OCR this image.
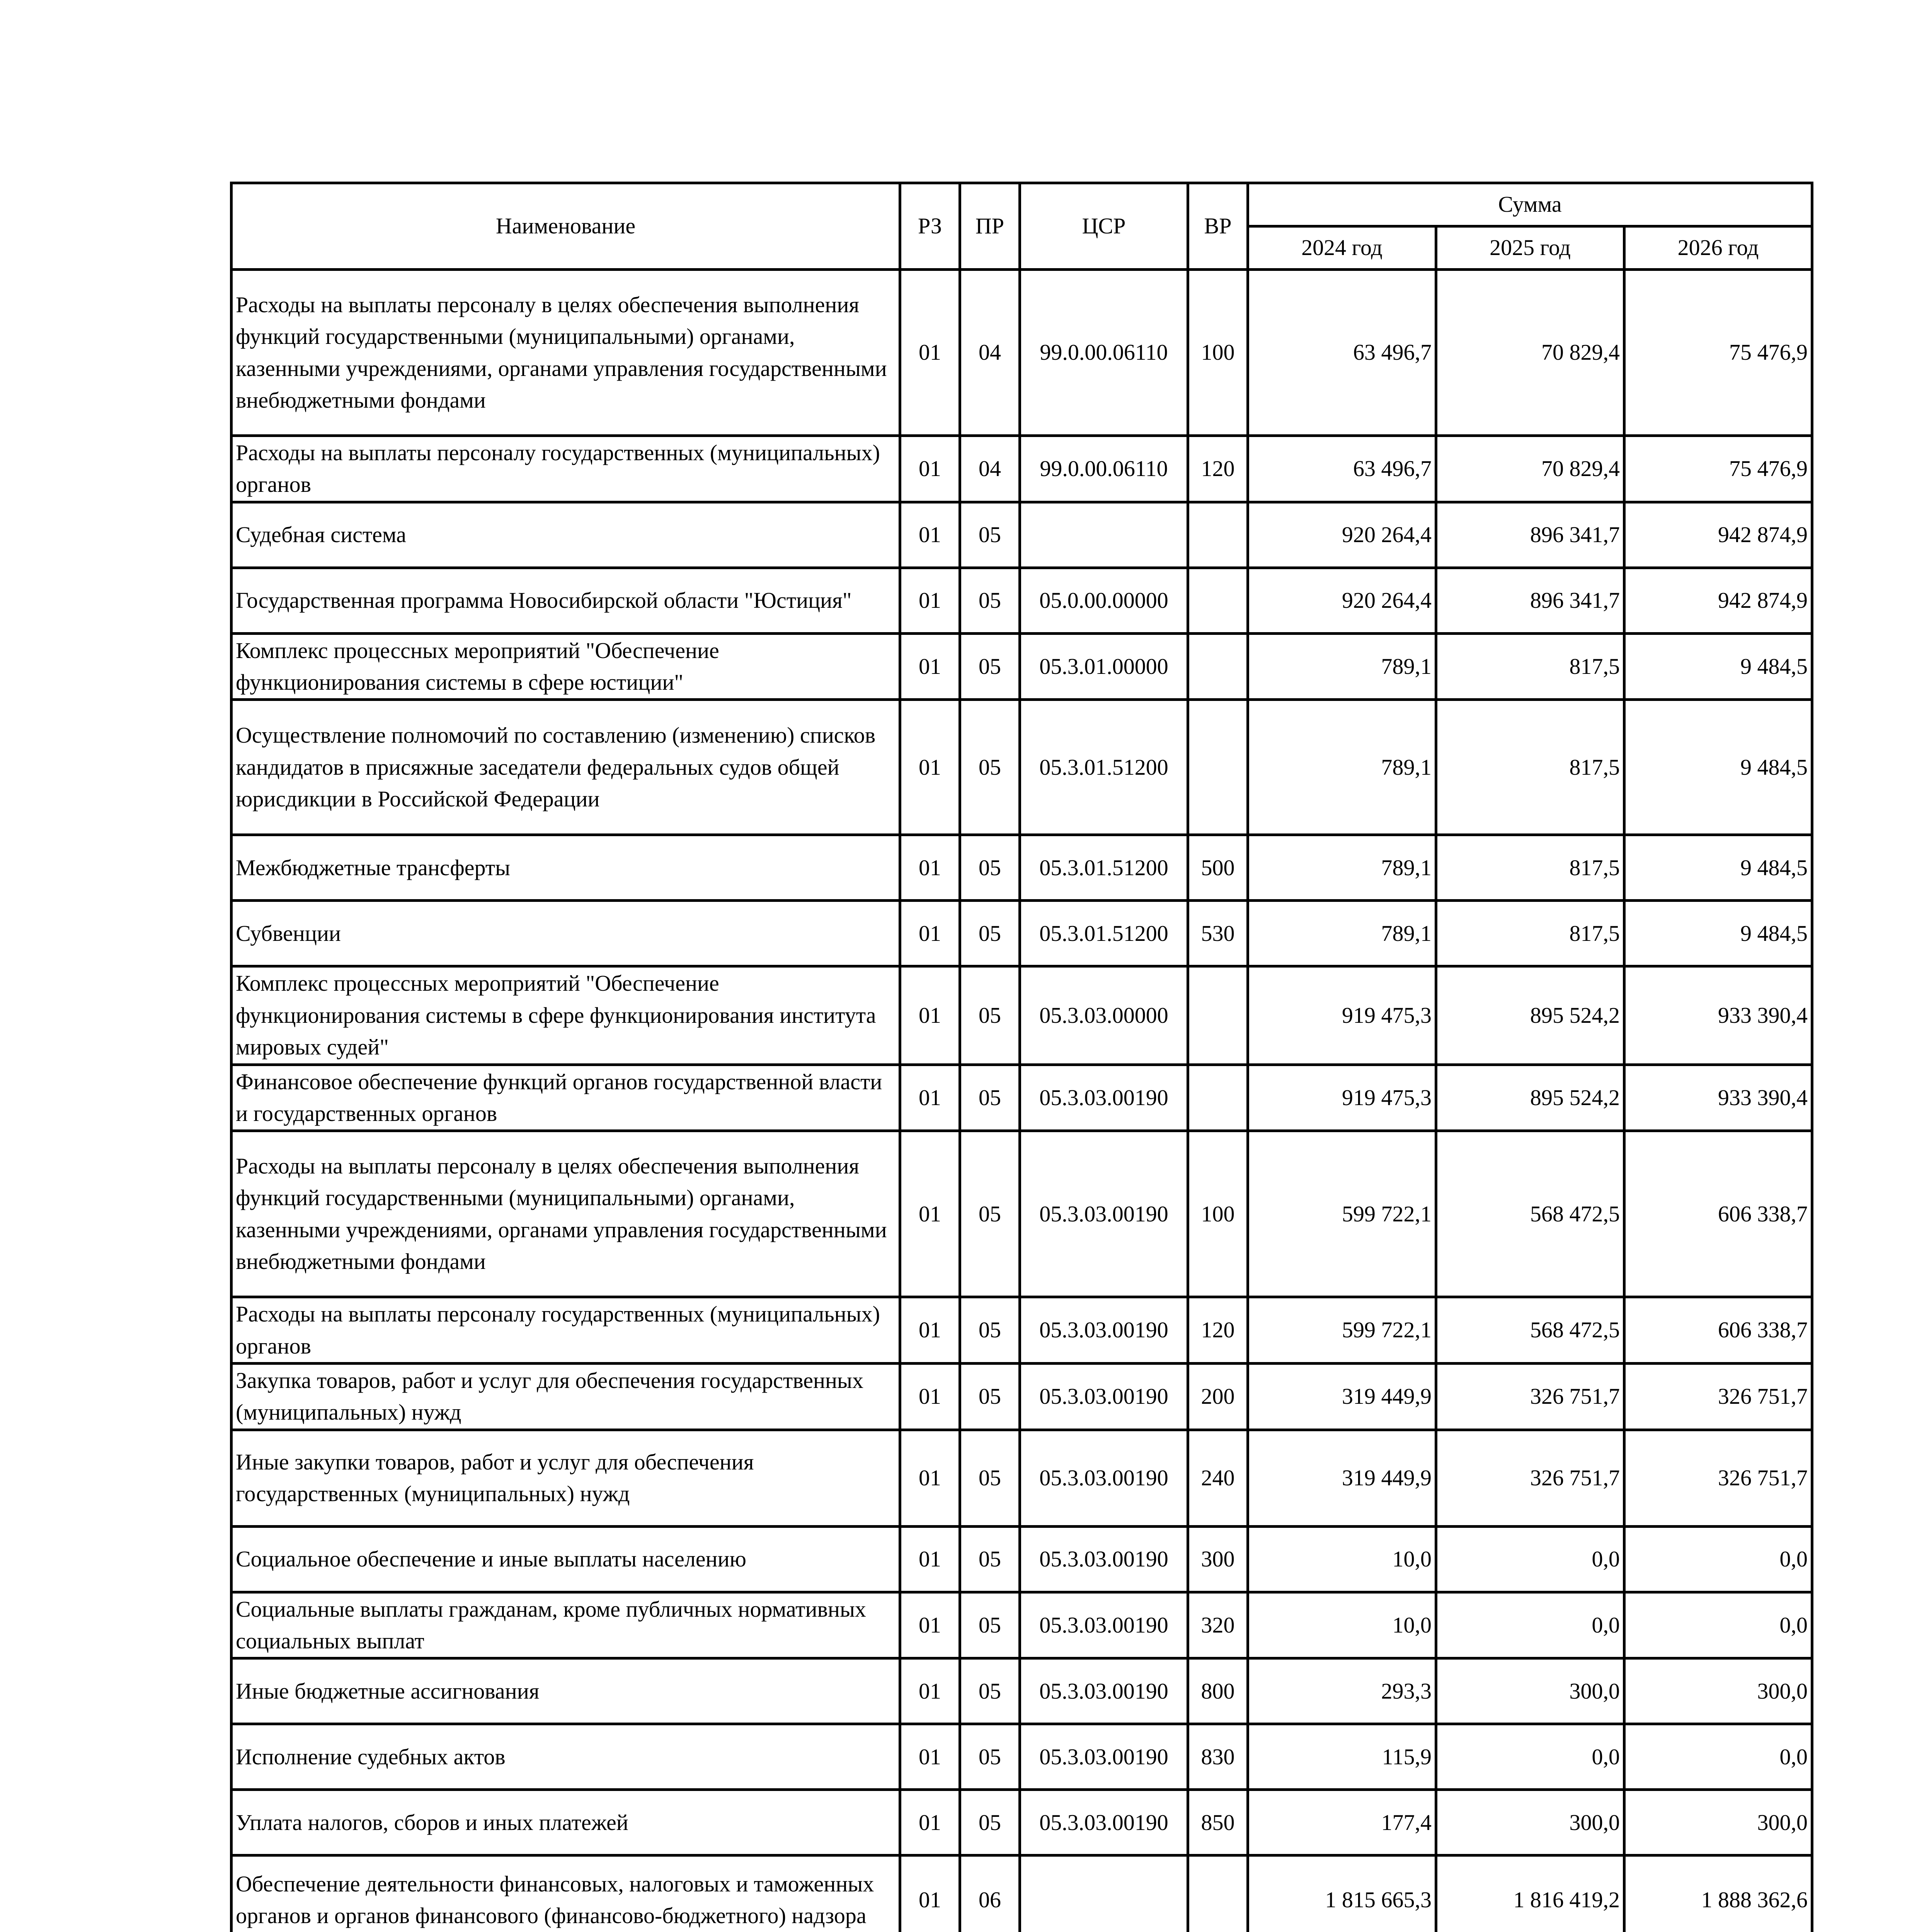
Наименование	РЗ	ПР	ЦСР	ВР	Сумма		
					2024 год	2025 год	2026 год
Расходы на выплаты персоналу в целях обеспечения выполнения функций государственными (муниципальными) органами, казенными учреждениями, органами управления государственными внебюджетными фондами	01	04	99.0.00.06110	100	63 496,7	70 829,4	75 476,9
Расходы на выплаты персоналу государственных (муниципальных) органов	01	04	99.0.00.06110	120	63 496,7	70 829,4	75 476,9
Судебная система	01	05			920 264,4	896 341,7	942 874,9
Государственная программа Новосибирской области "Юстиция"	01	05	05.0.00.00000		920 264,4	896 341,7	942 874,9
Комплекс процессных мероприятий "Обеспечение функционирования системы в сфере юстиции"	01	05	05.3.01.00000		789,1	817,5	9 484,5
Осуществление полномочий по составлению (изменению) списков кандидатов в присяжные заседатели федеральных судов общей юрисдикции в Российской Федерации	01	05	05.3.01.51200		789,1	817,5	9 484,5
Межбюджетные трансферты	01	05	05.3.01.51200	500	789,1	817,5	9 484,5
Субвенции	01	05	05.3.01.51200	530	789,1	817,5	9 484,5
Комплекс процессных мероприятий "Обеспечение функционирования системы в сфере функционирования института мировых судей"	01	05	05.3.03.00000		919 475,3	895 524,2	933 390,4
Финансовое обеспечение функций органов государственной власти и государственных органов	01	05	05.3.03.00190		919 475,3	895 524,2	933 390,4
Расходы на выплаты персоналу в целях обеспечения выполнения функций государственными (муниципальными) органами, казенными учреждениями, органами управления государственными внебюджетными фондами	01	05	05.3.03.00190	100	599 722,1	568 472,5	606 338,7
Расходы на выплаты персоналу государственных (муниципальных) органов	01	05	05.3.03.00190	120	599 722,1	568 472,5	606 338,7
Закупка товаров, работ и услуг для обеспечения государственных (муниципальных) нужд	01	05	05.3.03.00190	200	319 449,9	326 751,7	326 751,7
Иные закупки товаров, работ и услуг для обеспечения государственных (муниципальных) нужд	01	05	05.3.03.00190	240	319 449,9	326 751,7	326 751,7
Социальное обеспечение и иные выплаты населению	01	05	05.3.03.00190	300	10,0	0,0	0,0
Социальные выплаты гражданам, кроме публичных нормативных социальных выплат	01	05	05.3.03.00190	320	10,0	0,0	0,0
Иные бюджетные ассигнования	01	05	05.3.03.00190	800	293,3	300,0	300,0
Исполнение судебных актов	01	05	05.3.03.00190	830	115,9	0,0	0,0
Уплата налогов, сборов и иных платежей	01	05	05.3.03.00190	850	177,4	300,0	300,0
Обеспечение деятельности финансовых, налоговых и таможенных органов и органов финансового (финансово-бюджетного) надзора	01	06			1 815 665,3	1 816 419,2	1 888 362,6
